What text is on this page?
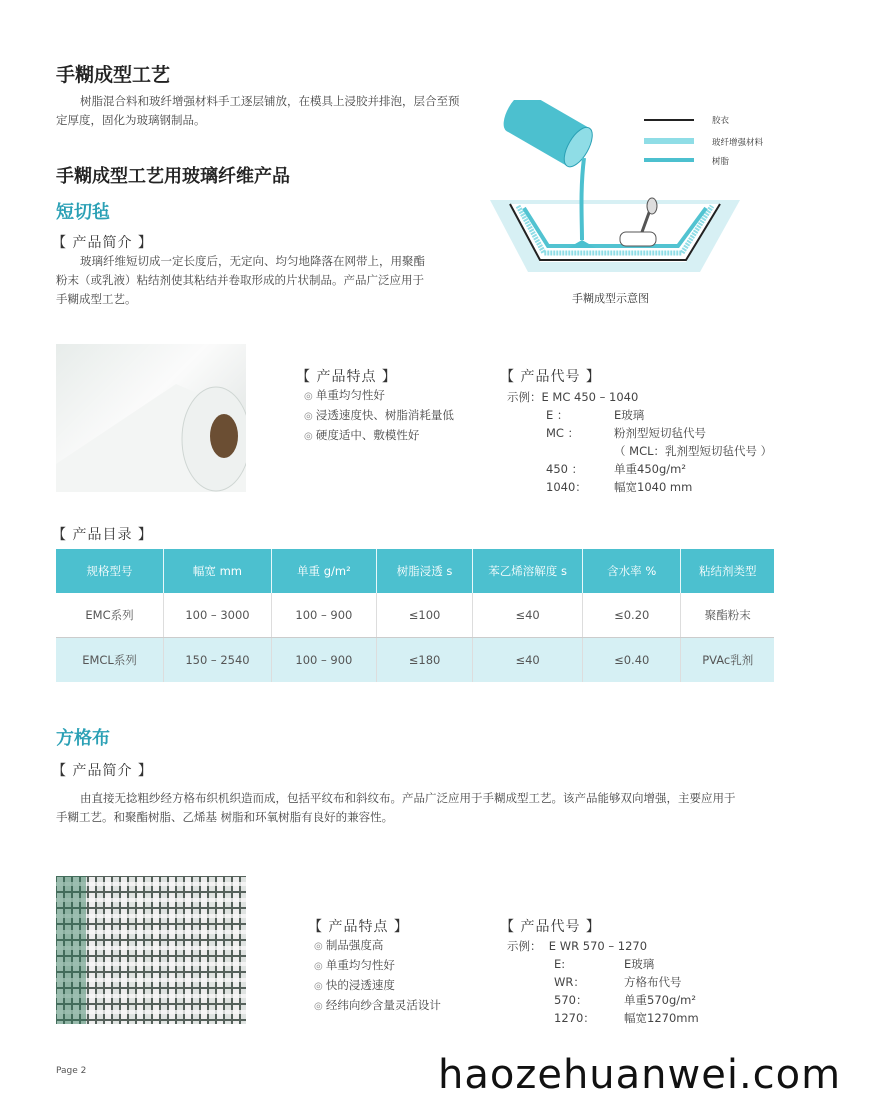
手糊成型工艺
树脂混合料和玻纤增强材料手工逐层铺放，在模具上浸胶并排泡，层合至预
定厚度，固化为玻璃钢制品。
手糊成型工艺用玻璃纤维产品
胶衣
玻纤增强材料
树脂
手糊成型示意图
短切毡
【 产品简介 】
玻璃纤维短切成一定长度后，无定向、均匀地降落在网带上，用聚酯
粉末（或乳液）粘结剂使其粘结并卷取形成的片状制品。产品广泛应用于
手糊成型工艺。
【 产品特点 】
◎ 单重均匀性好
◎ 浸透速度快、树脂消耗量低
◎ 硬度适中、敷模性好
【 产品代号 】
示例：E MC 450 – 1040
E ：	E玻璃
MC ：	粉剂型短切毡代号
（ MCL：乳剂型短切毡代号 ）
450 ：	单重450g/m²
1040： 幅宽1040 mm
【 产品目录 】
规格型号	幅宽 mm	单重 g/m²	树脂浸透 s	苯乙烯溶解度 s	含水率 %	粘结剂类型
EMC系列	100 – 3000	100 – 900	≤100	≤40	≤0.20	聚酯粉末
EMCL系列	150 – 2540	100 – 900	≤180	≤40	≤0.40	PVAc乳剂
方格布
【 产品简介 】
由直接无捻粗纱经方格布织机织造而成，包括平纹布和斜纹布。产品广泛应用于手糊成型工艺。该产品能够双向增强，主要应用于
手糊工艺。和聚酯树脂、乙烯基 树脂和环氧树脂有良好的兼容性。
【 产品特点 】
◎ 制品强度高
◎ 单重均匀性好
◎ 快的浸透速度
◎ 经纬向纱含量灵活设计
【 产品代号 】
示例：  E WR 570 – 1270
E:	E玻璃
WR：	方格布代号
570：	单重570g/m²
1270：	幅宽1270mm
Page 2	haozehuanwei.com
